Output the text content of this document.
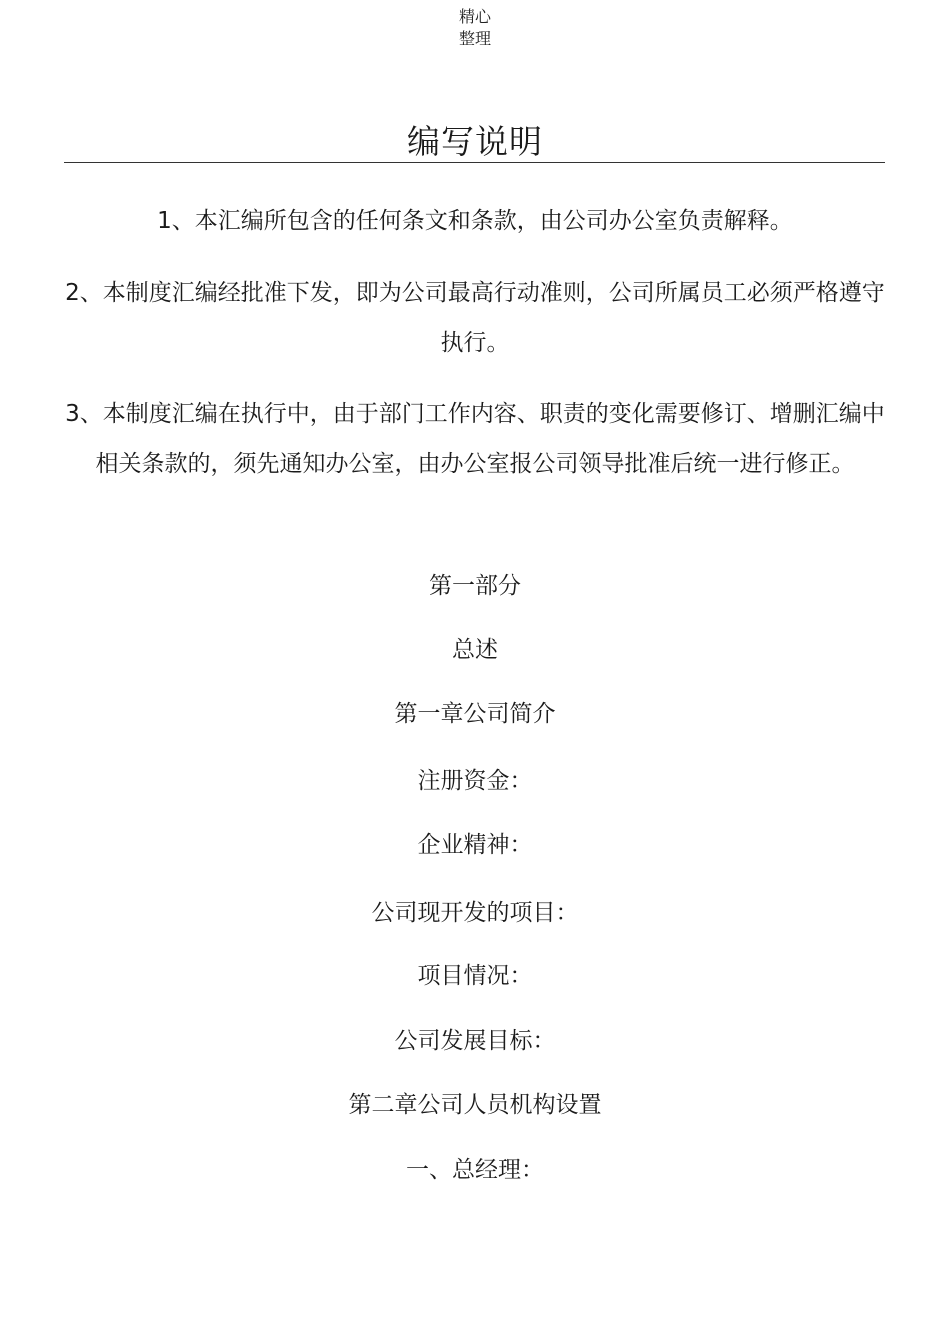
精心
整理
编写说明
1、本汇编所包含的任何条文和条款，由公司办公室负责解释。
2、本制度汇编经批准下发，即为公司最高行动准则，公司所属员工必须严格遵守执行。
3、本制度汇编在执行中，由于部门工作内容、职责的变化需要修订、增删汇编中相关条款的，须先通知办公室，由办公室报公司领导批准后统一进行修正。
第一部分
总述
第一章公司简介
注册资金：
企业精神：
公司现开发的项目：
项目情况：
公司发展目标：
第二章公司人员机构设置
一、总经理：
